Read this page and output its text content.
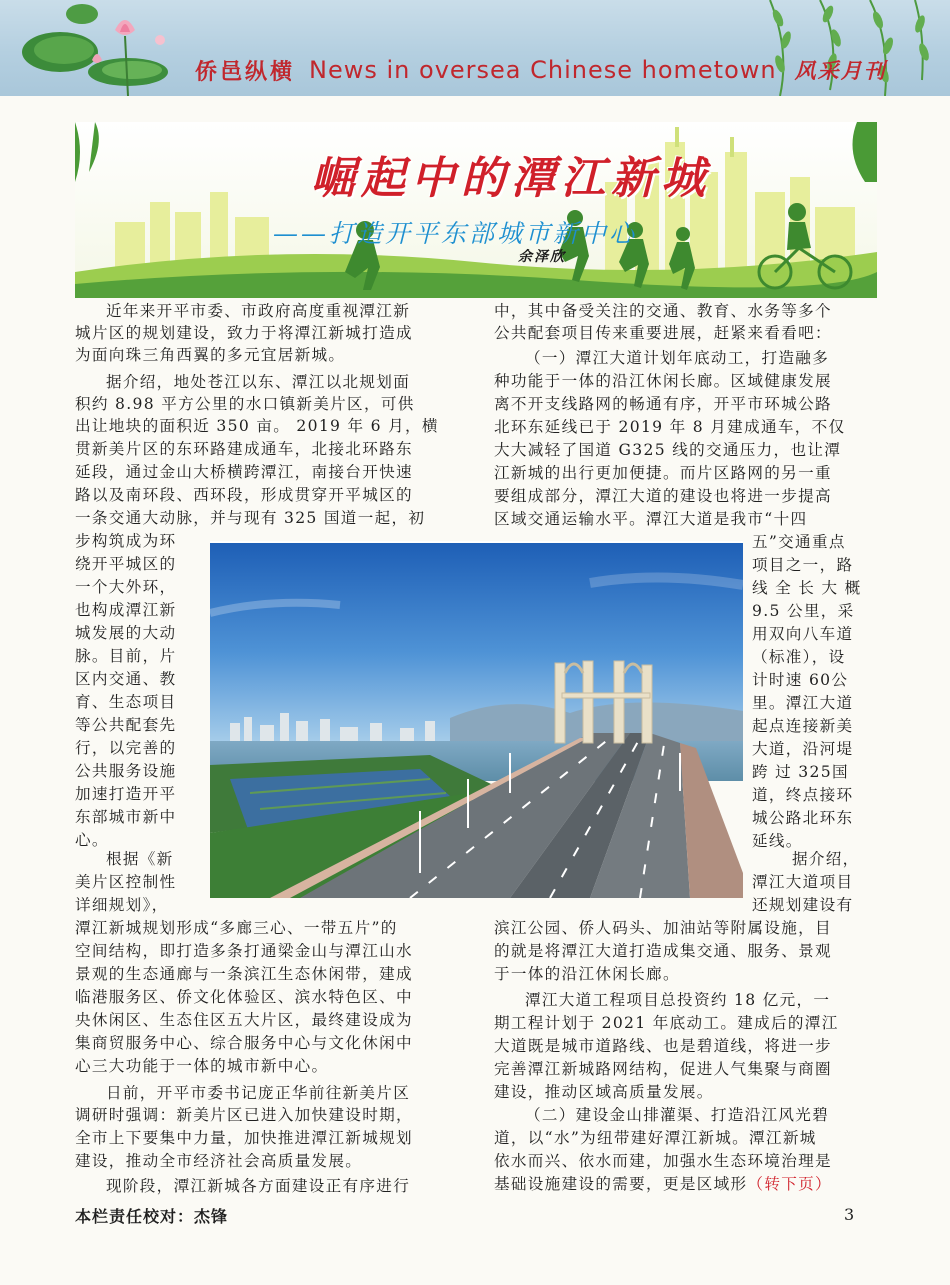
侨邑纵横 News in oversea Chinese hometown 风采月刊
崛起中的潭江新城
——打造开平东部城市新中心
余泽欣
近年来开平市委、市政府高度重视潭江新
城片区的规划建设，致力于将潭江新城打造成
为面向珠三角西翼的多元宜居新城。
据介绍，地处苍江以东、潭江以北规划面
积约 8.98 平方公里的水口镇新美片区，可供
出让地块的面积近 350 亩。 2019 年 6 月，横
贯新美片区的东环路建成通车，北接北环路东
延段，通过金山大桥横跨潭江，南接台开快速
路以及南环段、西环段，形成贯穿开平城区的
一条交通大动脉，并与现有 325 国道一起，初
步构筑成为环
绕开平城区的
一个大外环，
也构成潭江新
城发展的大动
脉。目前，片
区内交通、教
育、生态项目
等公共配套先
行，以完善的
公共服务设施
加速打造开平
东部城市新中
心。
根据《新
美片区控制性
详细规划》，
潭江新城规划形成“多廊三心、一带五片”的
空间结构，即打造多条打通梁金山与潭江山水
景观的生态通廊与一条滨江生态休闲带，建成
临港服务区、侨文化体验区、滨水特色区、中
央休闲区、生态住区五大片区，最终建设成为
集商贸服务中心、综合服务中心与文化休闲中
心三大功能于一体的城市新中心。
日前，开平市委书记庞正华前往新美片区
调研时强调：新美片区已进入加快建设时期，
全市上下要集中力量，加快推进潭江新城规划
建设，推动全市经济社会高质量发展。
现阶段，潭江新城各方面建设正有序进行
中，其中备受关注的交通、教育、水务等多个
公共配套项目传来重要进展，赶紧来看看吧：
（一）潭江大道计划年底动工，打造融多
种功能于一体的沿江休闲长廊。区域健康发展
离不开支线路网的畅通有序，开平市环城公路
北环东延线已于 2019 年 8 月建成通车，不仅
大大减轻了国道 G325 线的交通压力，也让潭
江新城的出行更加便捷。而片区路网的另一重
要组成部分，潭江大道的建设也将进一步提高
区域交通运输水平。潭江大道是我市“十四
五”交通重点
项目之一，路
线 全 长 大 概
9.5 公里，采
用双向八车道
（标准），设
计时速 60公
里。潭江大道
起点连接新美
大道，沿河堤
跨 过 325国
道，终点接环
城公路北环东
延线。
据介绍，
潭江大道项目
还规划建设有
滨江公园、侨人码头、加油站等附属设施，目
的就是将潭江大道打造成集交通、服务、景观
于一体的沿江休闲长廊。
潭江大道工程项目总投资约 18 亿元，一
期工程计划于 2021 年底动工。建成后的潭江
大道既是城市道路线、也是碧道线，将进一步
完善潭江新城路网结构，促进人气集聚与商圈
建设，推动区域高质量发展。
（二）建设金山排灌渠、打造沿江风光碧
道，以“水”为纽带建好潭江新城。潭江新城
依水而兴、依水而建，加强水生态环境治理是
基础设施建设的需要，更是区域形（转下页）
本栏责任校对：杰锋	3
